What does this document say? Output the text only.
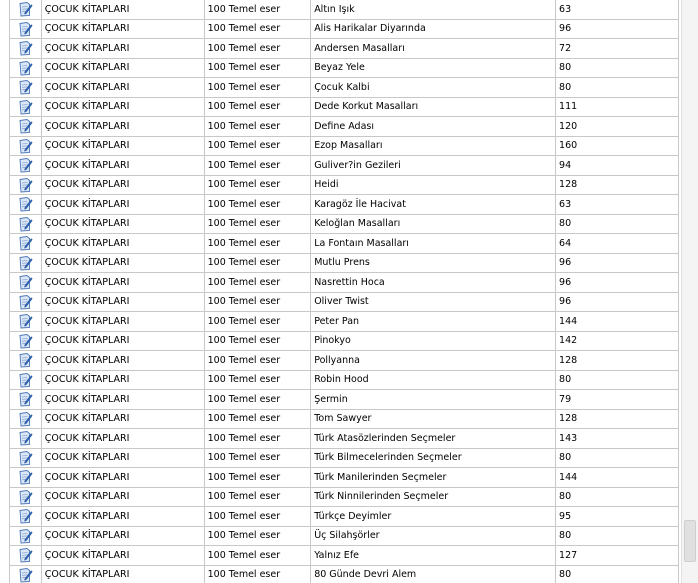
	ÇOCUK KİTAPLARI	100 Temel eser	Altın Işık	63

	ÇOCUK KİTAPLARI	100 Temel eser	Alis Harikalar Diyarında	96

	ÇOCUK KİTAPLARI	100 Temel eser	Andersen Masalları	72

	ÇOCUK KİTAPLARI	100 Temel eser	Beyaz Yele	80

	ÇOCUK KİTAPLARI	100 Temel eser	Çocuk Kalbi	80

	ÇOCUK KİTAPLARI	100 Temel eser	Dede Korkut Masalları	111

	ÇOCUK KİTAPLARI	100 Temel eser	Define Adası	120

	ÇOCUK KİTAPLARI	100 Temel eser	Ezop Masalları	160

	ÇOCUK KİTAPLARI	100 Temel eser	Guliver?in Gezileri	94

	ÇOCUK KİTAPLARI	100 Temel eser	Heidi	128

	ÇOCUK KİTAPLARI	100 Temel eser	Karagöz İle Hacivat	63

	ÇOCUK KİTAPLARI	100 Temel eser	Keloğlan Masalları	80

	ÇOCUK KİTAPLARI	100 Temel eser	La Fontaın Masalları	64

	ÇOCUK KİTAPLARI	100 Temel eser	Mutlu Prens	96

	ÇOCUK KİTAPLARI	100 Temel eser	Nasrettin Hoca	96

	ÇOCUK KİTAPLARI	100 Temel eser	Oliver Twist	96

	ÇOCUK KİTAPLARI	100 Temel eser	Peter Pan	144

	ÇOCUK KİTAPLARI	100 Temel eser	Pinokyo	142

	ÇOCUK KİTAPLARI	100 Temel eser	Pollyanna	128

	ÇOCUK KİTAPLARI	100 Temel eser	Robin Hood	80

	ÇOCUK KİTAPLARI	100 Temel eser	Şermin	79

	ÇOCUK KİTAPLARI	100 Temel eser	Tom Sawyer	128

	ÇOCUK KİTAPLARI	100 Temel eser	Türk Atasözlerinden Seçmeler	143

	ÇOCUK KİTAPLARI	100 Temel eser	Türk Bilmecelerinden Seçmeler	80

	ÇOCUK KİTAPLARI	100 Temel eser	Türk Manilerinden Seçmeler	144

	ÇOCUK KİTAPLARI	100 Temel eser	Türk Ninnilerinden Seçmeler	80

	ÇOCUK KİTAPLARI	100 Temel eser	Türkçe Deyimler	95

	ÇOCUK KİTAPLARI	100 Temel eser	Üç Silahşörler	80

	ÇOCUK KİTAPLARI	100 Temel eser	Yalnız Efe	127

	ÇOCUK KİTAPLARI	100 Temel eser	80 Günde Devri Alem	80
